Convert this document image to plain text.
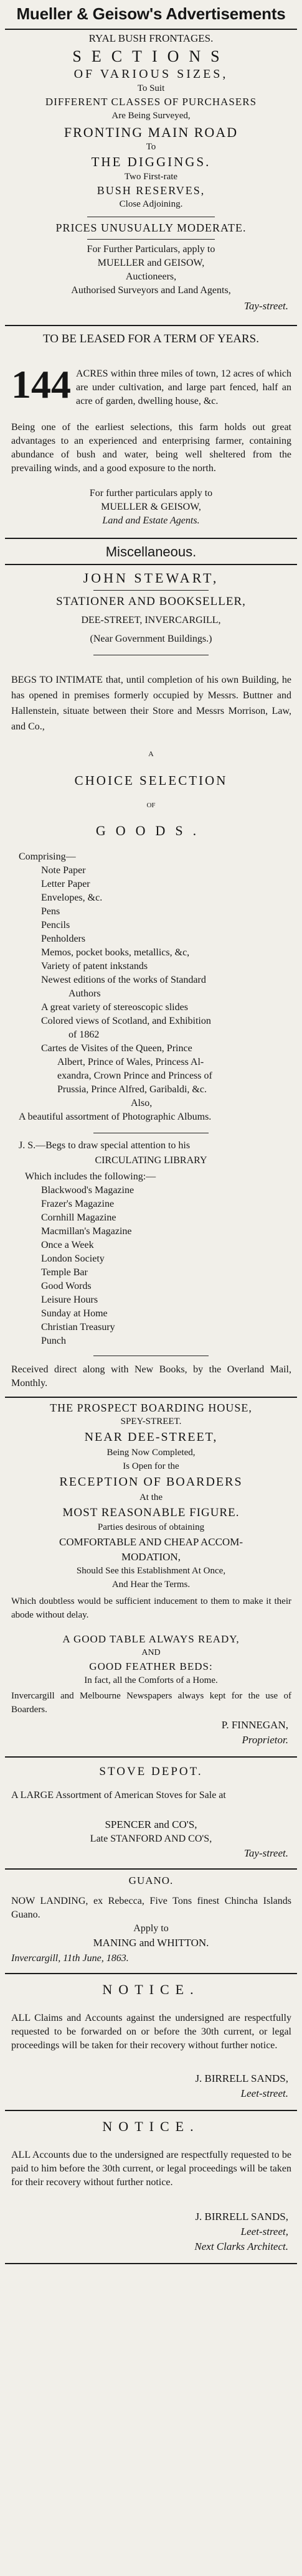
Mueller & Geisow's Advertisements
RYAL BUSH FRONTAGES.
SECTIONS
OF VARIOUS SIZES,
To Suit
DIFFERENT CLASSES OF PURCHASERS
Are Being Surveyed,
FRONTING MAIN ROAD
To
THE DIGGINGS.
Two First-rate
BUSH RESERVES,
Close Adjoining.
PRICES UNUSUALLY MODERATE.
For Further Particulars, apply to
MUELLER and GEISOW,
Auctioneers,
Authorised Surveyors and Land Agents,
Tay-street.
TO BE LEASED FOR A TERM OF YEARS.
144 ACRES within three miles of town, 12 acres of which are under cultivation, and large part fenced, half an acre of garden, dwelling house, &c.
Being one of the earliest selections, this farm holds out great advantages to an experienced and enterprising farmer, containing abundance of bush and water, being well sheltered from the prevailing winds, and a good exposure to the north.
For further particulars apply to
MUELLER & GEISOW,
Land and Estate Agents.
Miscellaneous.
JOHN STEWART,
STATIONER AND BOOKSELLER,
DEE-STREET, INVERCARGILL,
(Near Government Buildings.)
BEGS TO INTIMATE that, until completion of his own Building, he has opened in premises formerly occupied by Messrs. Buttner and Hallenstein, situate between their Store and Messrs Morrison, Law, and Co.,
A
CHOICE SELECTION
OF
GOODS.
Comprising—
Note Paper
Letter Paper
Envelopes, &c.
Pens
Pencils
Penholders
Memos, pocket books, metallics, &c,
Variety of patent inkstands
Newest editions of the works of Standard
Authors
A great variety of stereoscopic slides
Colored views of Scotland, and Exhibition
of 1862
Cartes de Visites of the Queen, Prince
Albert, Prince of Wales, Princess Al-
exandra, Crown Prince and Princess of
Prussia, Prince Alfred, Garibaldi, &c.
Also,
A beautiful assortment of Photographic Albums.
J. S.—Begs to draw special attention to his
CIRCULATING LIBRARY
Which includes the following:—
Blackwood's Magazine
Frazer's Magazine
Cornhill Magazine
Macmillan's Magazine
Once a Week
London Society
Temple Bar
Good Words
Leisure Hours
Sunday at Home
Christian Treasury
Punch
Received direct along with New Books, by the Overland Mail, Monthly.
THE PROSPECT BOARDING HOUSE,
SPEY-STREET.
NEAR DEE-STREET,
Being Now Completed,
Is Open for the
RECEPTION OF BOARDERS
At the
MOST REASONABLE FIGURE.
Parties desirous of obtaining
COMFORTABLE AND CHEAP ACCOM-
MODATION,
Should See this Establishment At Once,
And Hear the Terms.
Which doubtless would be sufficient inducement to them to make it their abode without delay.
A GOOD TABLE ALWAYS READY,
AND
GOOD FEATHER BEDS:
In fact, all the Comforts of a Home.
Invercargill and Melbourne Newspapers always kept for the use of Boarders.
P. FINNEGAN,
Proprietor.
STOVE DEPOT.
A LARGE Assortment of American Stoves for Sale at
SPENCER and CO'S,
Late STANFORD AND CO'S,
Tay-street.
GUANO.
NOW LANDING, ex Rebecca, Five Tons finest Chincha Islands Guano.
Apply to
MANING and WHITTON.
Invercargill, 11th June, 1863.
NOTICE.
ALL Claims and Accounts against the undersigned are respectfully requested to be forwarded on or before the 30th current, or legal proceedings will be taken for their recovery without further notice.
J. BIRRELL SANDS,
Leet-street.
NOTICE.
ALL Accounts due to the undersigned are respectfully requested to be paid to him before the 30th current, or legal proceedings will be taken for their recovery without further notice.
J. BIRRELL SANDS,
Leet-street,
Next Clarks Architect.
